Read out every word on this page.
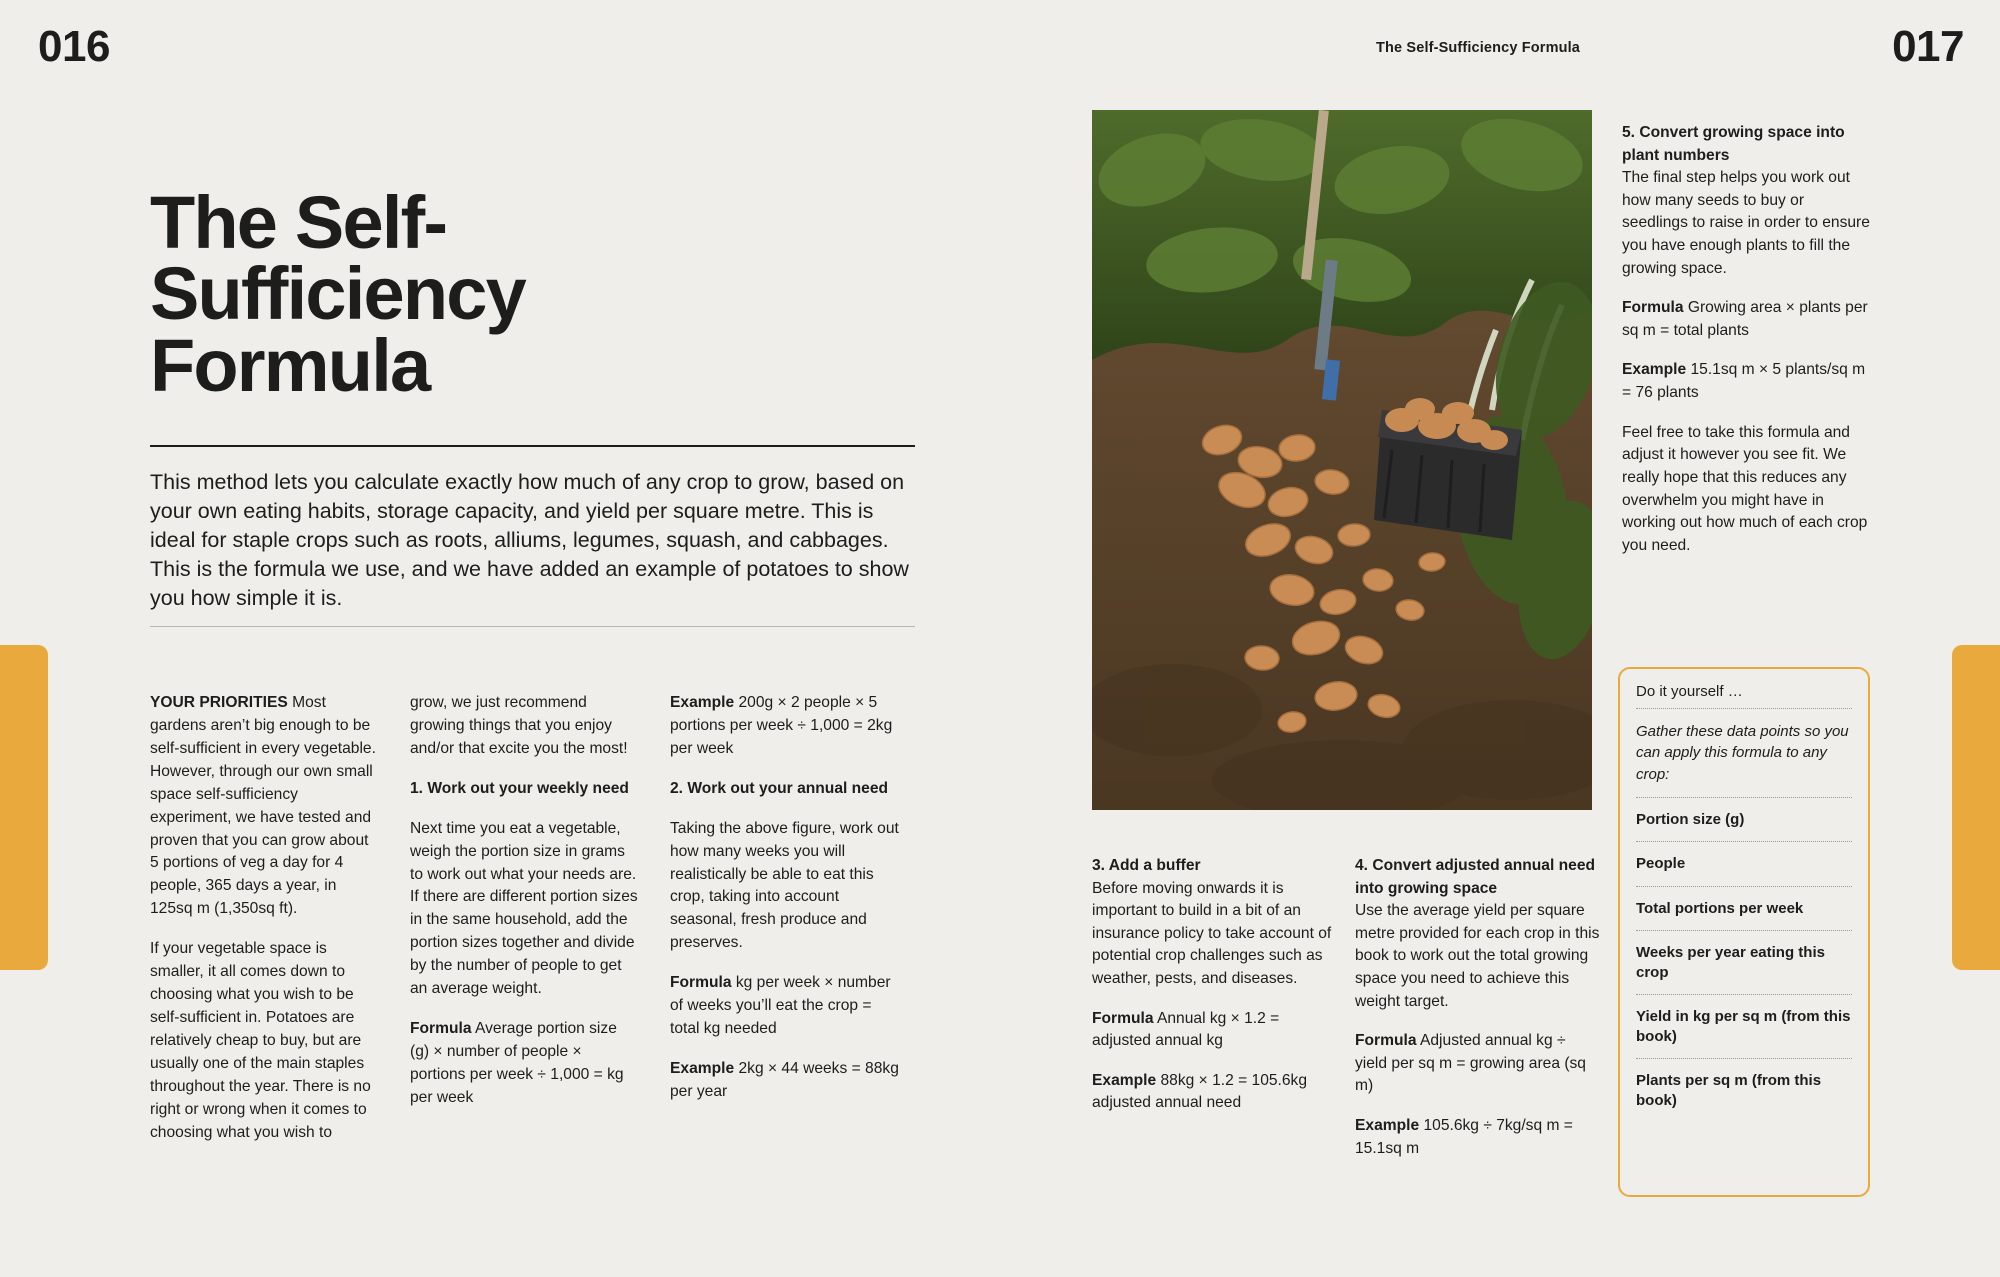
016	The Self-Sufficiency Formula	017
The Self-Sufficiency Formula
This method lets you calculate exactly how much of any crop to grow, based on your own eating habits, storage capacity, and yield per square metre. This is ideal for staple crops such as roots, alliums, legumes, squash, and cabbages. This is the formula we use, and we have added an example of potatoes to show you how simple it is.

YOUR PRIORITIES Most gardens aren’t big enough to be self-sufficient in every vegetable. However, through our own small space self-sufficiency experiment, we have tested and proven that you can grow about 5 portions of veg a day for 4 people, 365 days a year, in 125sq m (1,350sq ft).

If your vegetable space is smaller, it all comes down to choosing what you wish to be self-sufficient in. Potatoes are relatively cheap to buy, but are usually one of the main staples throughout the year. There is no right or wrong when it comes to choosing what you wish to

grow, we just recommend growing things that you enjoy and/or that excite you the most!

1. Work out your weekly need

Next time you eat a vegetable, weigh the portion size in grams to work out what your needs are. If there are different portion sizes in the same household, add the portion sizes together and divide by the number of people to get an average weight.

Formula Average portion size (g) × number of people × portions per week ÷ 1,000 = kg per week

Example 200g × 2 people × 5 portions per week ÷ 1,000 = 2kg per week

2. Work out your annual need

Taking the above figure, work out how many weeks you will realistically be able to eat this crop, taking into account seasonal, fresh produce and preserves.

Formula kg per week × number of weeks you’ll eat the crop = total kg needed

Example 2kg × 44 weeks = 88kg per year

5. Convert growing space into plant numbers

The final step helps you work out how many seeds to buy or seedlings to raise in order to ensure you have enough plants to fill the growing space.

Formula Growing area × plants per sq m = total plants

Example 15.1sq m × 5 plants/sq m = 76 plants

Feel free to take this formula and adjust it however you see fit. We really hope that this reduces any overwhelm you might have in working out how much of each crop you need.

3. Add a buffer

Before moving onwards it is important to build in a bit of an insurance policy to take account of potential crop challenges such as weather, pests, and diseases.

Formula Annual kg × 1.2 = adjusted annual kg

Example 88kg × 1.2 = 105.6kg adjusted annual need

4. Convert adjusted annual need into growing space

Use the average yield per square metre provided for each crop in this book to work out the total growing space you need to achieve this weight target.

Formula Adjusted annual kg ÷ yield per sq m = growing area (sq m)

Example 105.6kg ÷ 7kg/sq m = 15.1sq m

Do it yourself …
Gather these data points so you can apply this formula to any crop:
Portion size (g)
People
Total portions per week
Weeks per year eating this crop
Yield in kg per sq m (from this book)
Plants per sq m (from this book)
